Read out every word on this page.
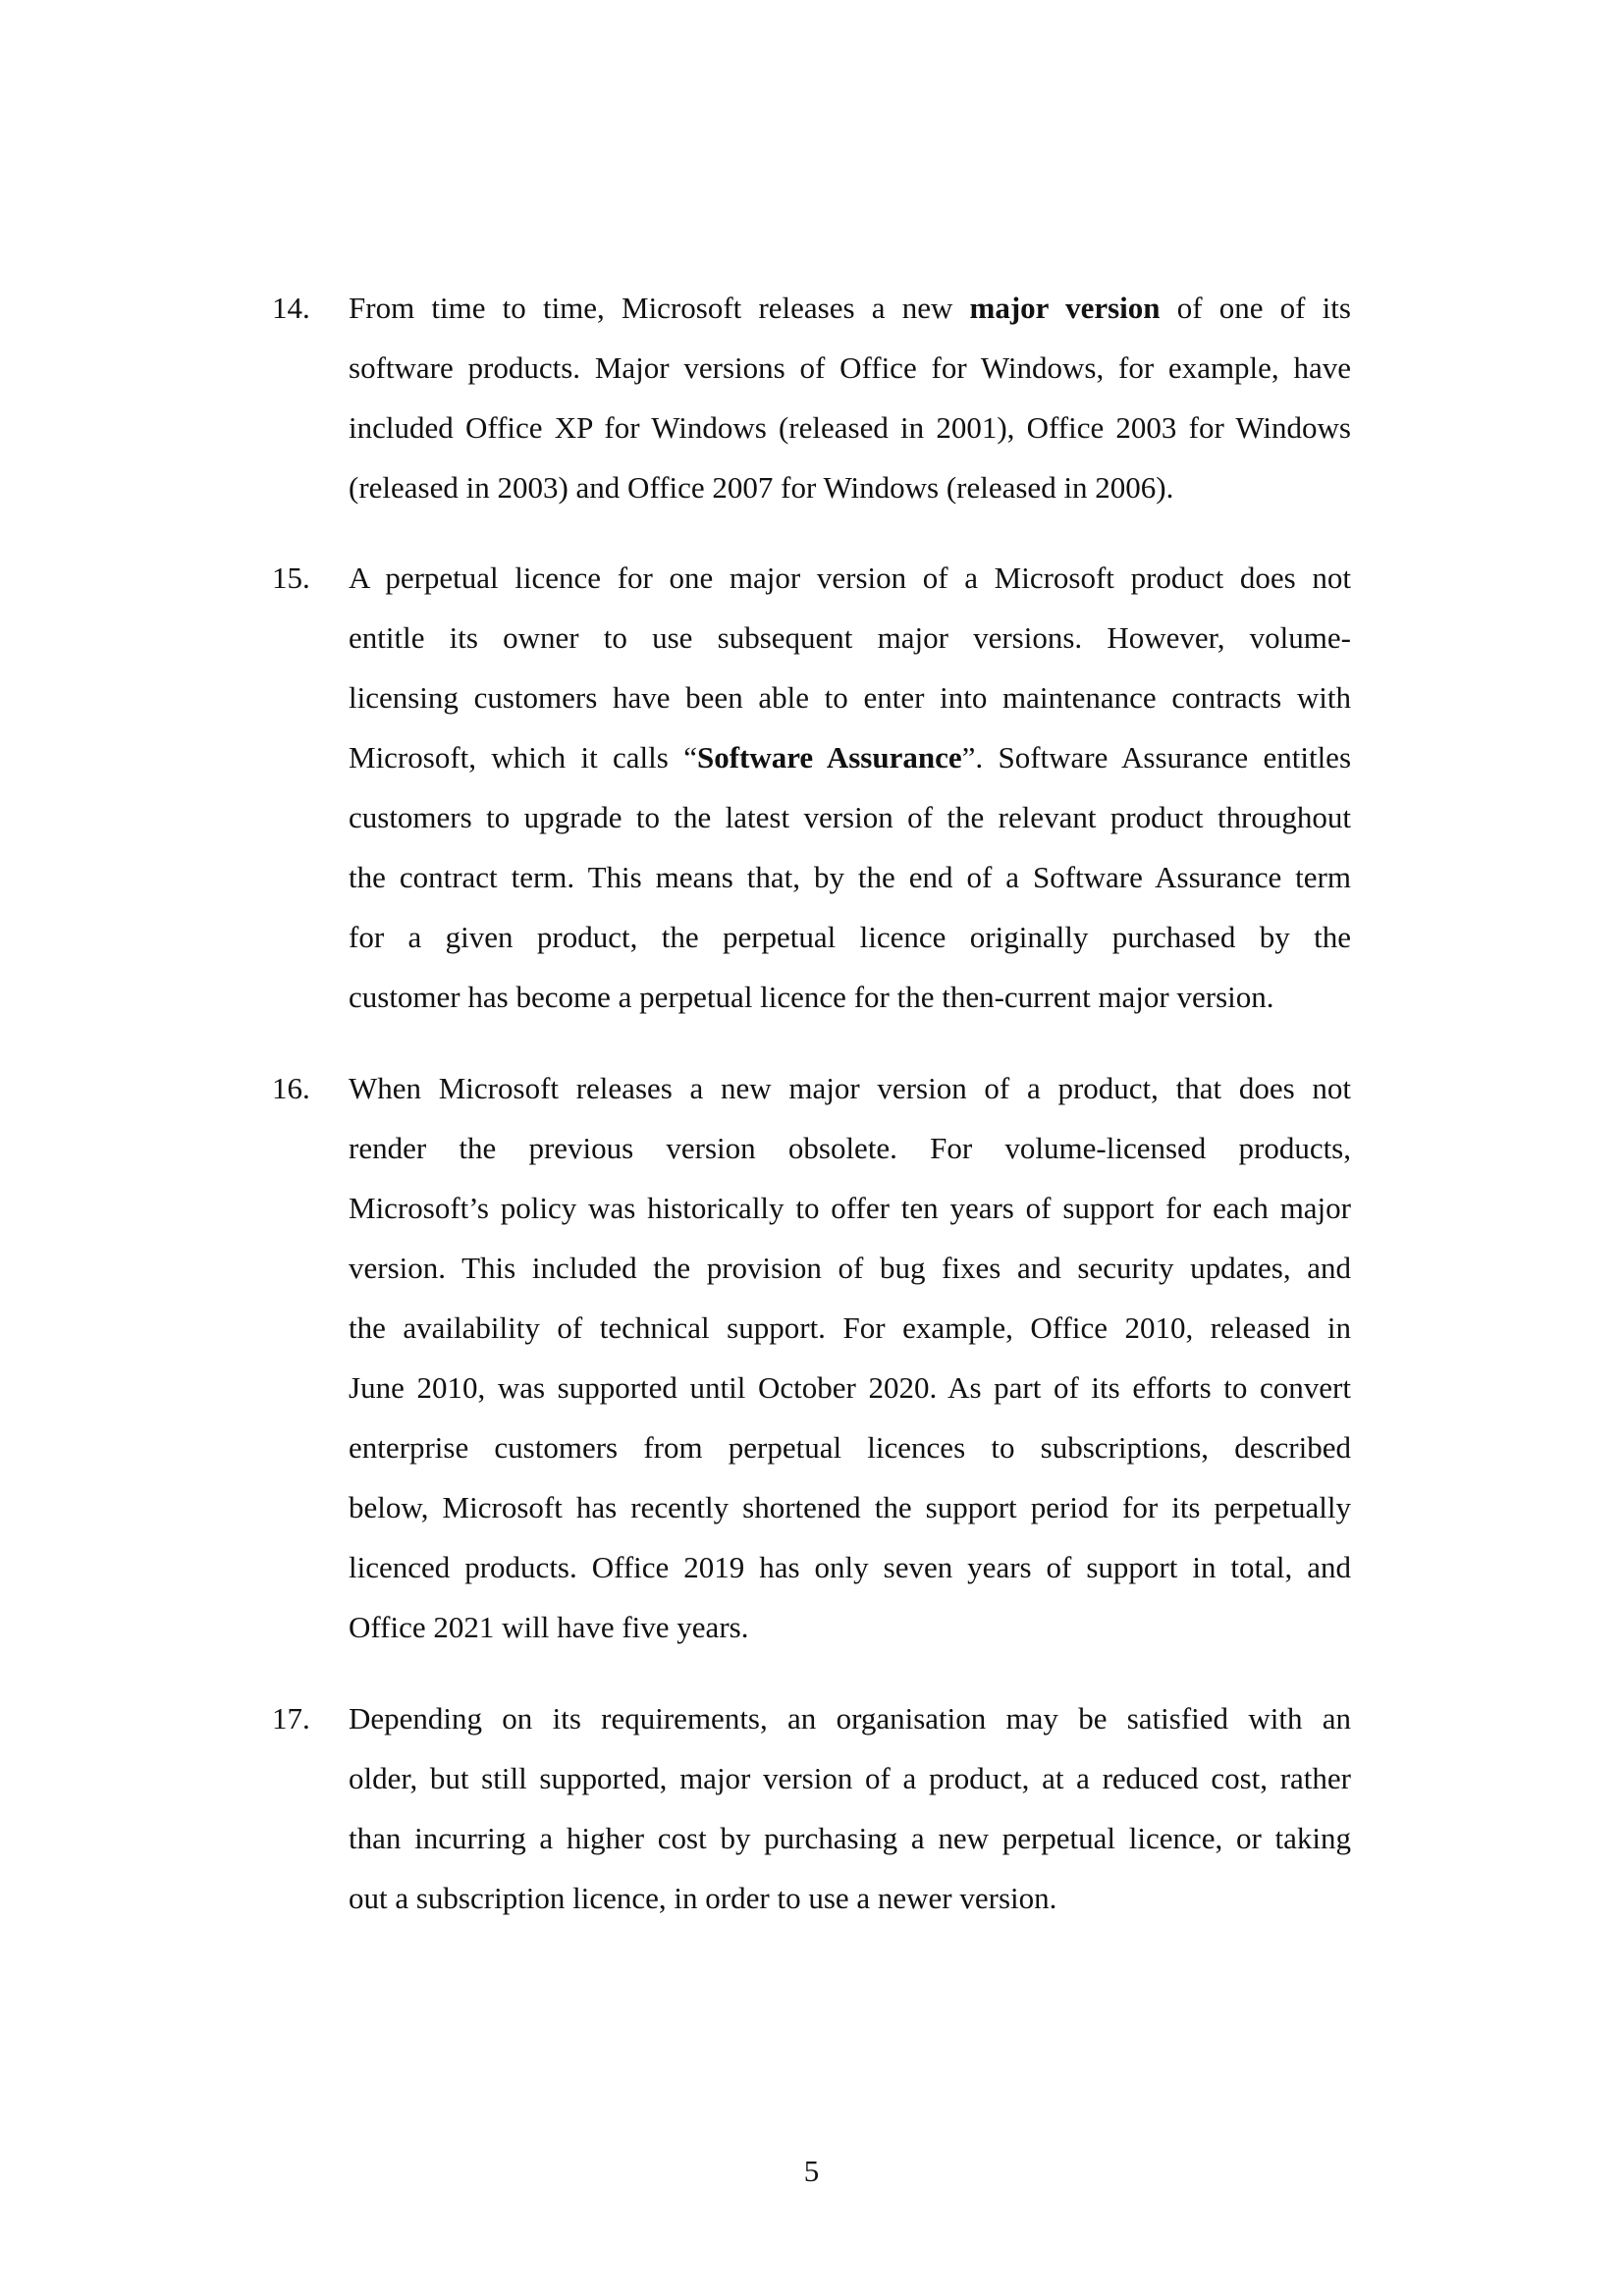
14. From time to time, Microsoft releases a new major version of one of its
software products. Major versions of Office for Windows, for example, have
included Office XP for Windows (released in 2001), Office 2003 for Windows
(released in 2003) and Office 2007 for Windows (released in 2006).
15. A perpetual licence for one major version of a Microsoft product does not
entitle its owner to use subsequent major versions. However, volume-
licensing customers have been able to enter into maintenance contracts with
Microsoft, which it calls “Software Assurance”. Software Assurance entitles
customers to upgrade to the latest version of the relevant product throughout
the contract term. This means that, by the end of a Software Assurance term
for a given product, the perpetual licence originally purchased by the
customer has become a perpetual licence for the then-current major version.
16. When Microsoft releases a new major version of a product, that does not
render the previous version obsolete. For volume-licensed products,
Microsoft’s policy was historically to offer ten years of support for each major
version. This included the provision of bug fixes and security updates, and
the availability of technical support. For example, Office 2010, released in
June 2010, was supported until October 2020. As part of its efforts to convert
enterprise customers from perpetual licences to subscriptions, described
below, Microsoft has recently shortened the support period for its perpetually
licenced products. Office 2019 has only seven years of support in total, and
Office 2021 will have five years.
17. Depending on its requirements, an organisation may be satisfied with an
older, but still supported, major version of a product, at a reduced cost, rather
than incurring a higher cost by purchasing a new perpetual licence, or taking
out a subscription licence, in order to use a newer version.
5
